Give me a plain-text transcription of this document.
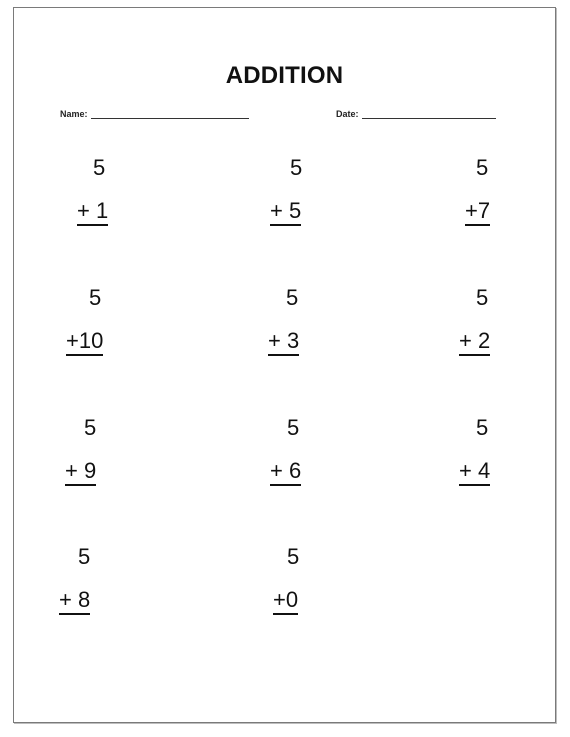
ADDITION
Name:	Date:
5
+ 1
5
+ 5
5
+7
5
+10
5
+ 3
5
+ 2
5
+ 9
5
+ 6
5
+ 4
5
+ 8
5
+0
